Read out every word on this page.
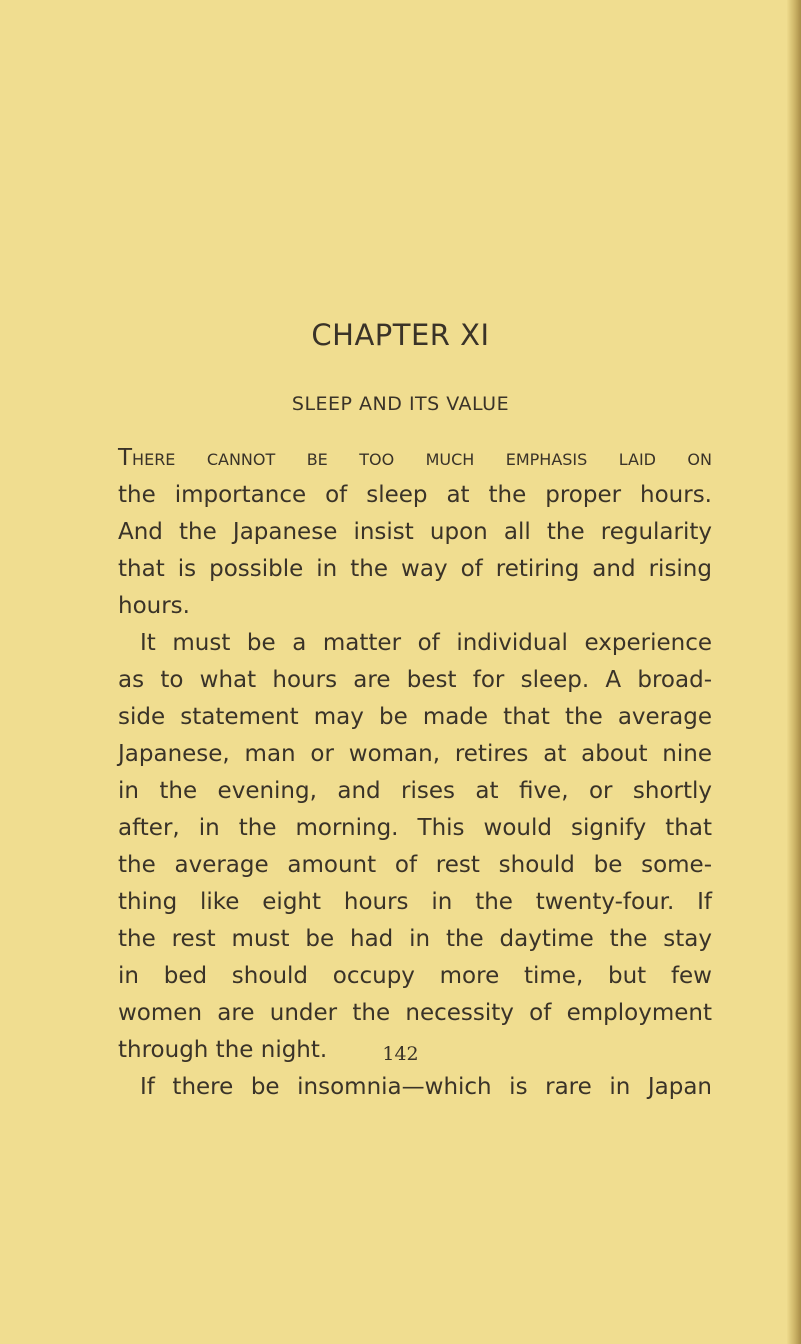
CHAPTER XI
SLEEP AND ITS VALUE
There cannot be too much emphasis laid on
the importance of sleep at the proper hours.
And the Japanese insist upon all the regularity
that is possible in the way of retiring and rising
hours.
It must be a matter of individual experience
as to what hours are best for sleep. A broad-
side statement may be made that the average
Japanese, man or woman, retires at about nine
in the evening, and rises at five, or shortly
after, in the morning. This would signify that
the average amount of rest should be some-
thing like eight hours in the twenty-four. If
the rest must be had in the daytime the stay
in bed should occupy more time, but few
women are under the necessity of employment
through the night.
If there be insomnia—which is rare in Japan
142
